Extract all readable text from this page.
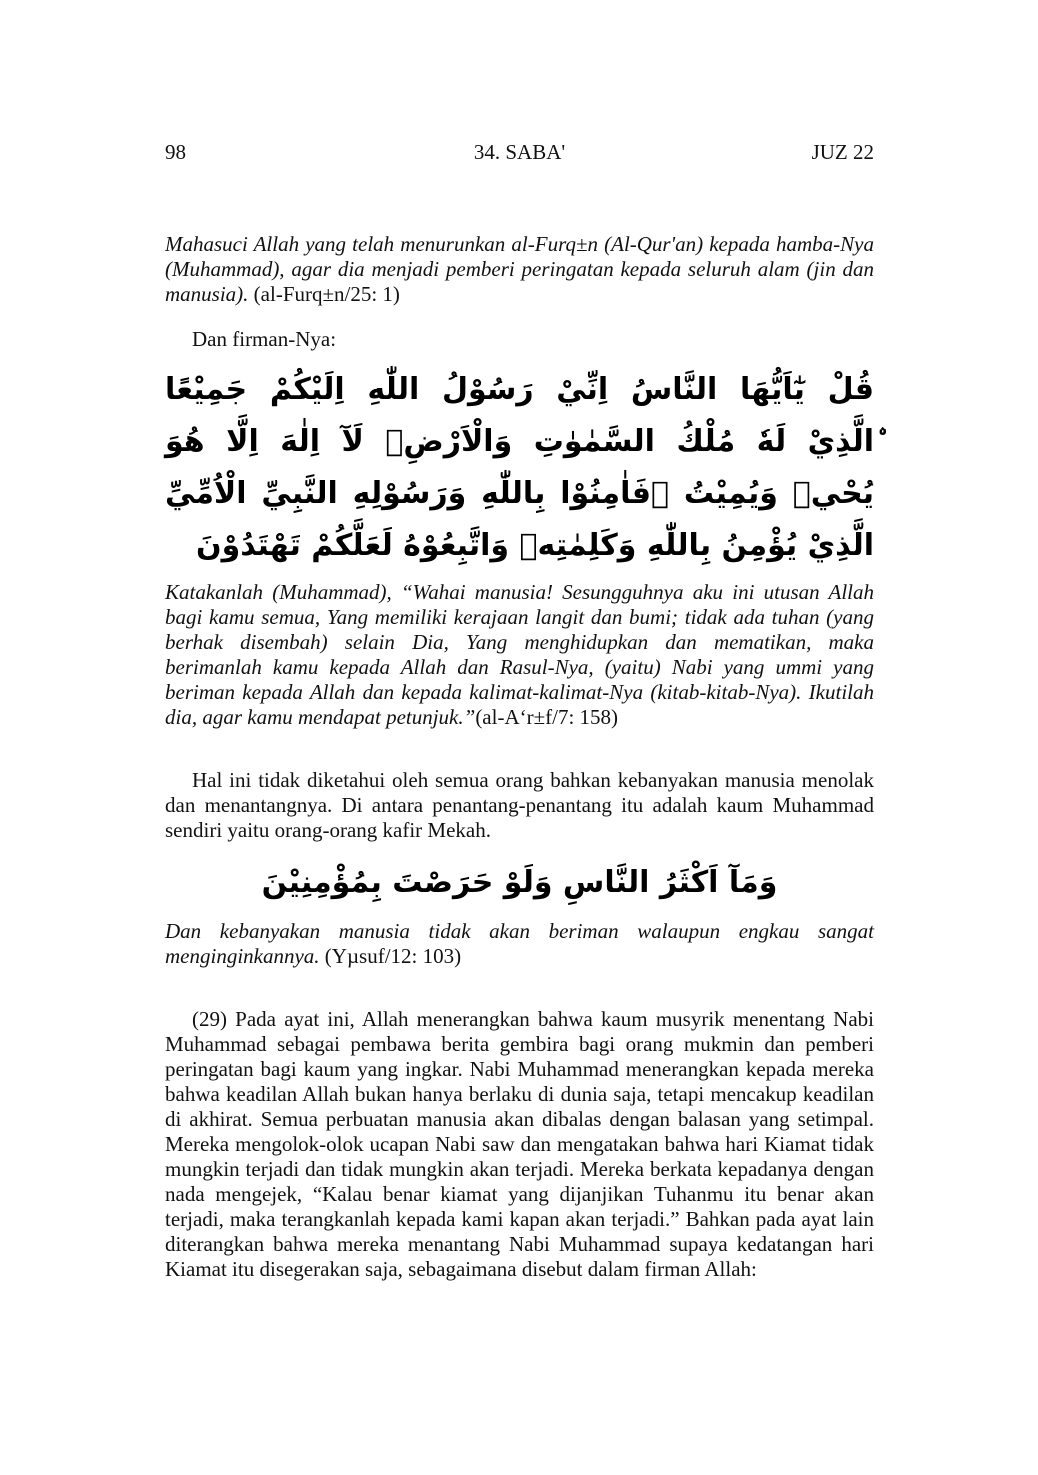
98	34. SABA'	JUZ 22

Mahasuci Allah yang telah menurunkan al-Furq±n (Al-Qur'an) kepada hamba-Nya (Muhammad), agar dia menjadi pemberi peringatan kepada seluruh alam (jin dan manusia). (al-Furq±n/25: 1)

Dan firman-Nya:

قُلْ يٰٓاَيُّهَا النَّاسُ اِنِّيْ رَسُوْلُ اللّٰهِ اِلَيْكُمْ جَمِيْعًا ۨالَّذِيْ لَهٗ مُلْكُ السَّمٰوٰتِ وَالْاَرْضِۚ لَآ اِلٰهَ اِلَّا هُوَ يُحْيٖ وَيُمِيْتُ ۖفَاٰمِنُوْا بِاللّٰهِ وَرَسُوْلِهِ النَّبِيِّ الْاُمِّيِّ الَّذِيْ يُؤْمِنُ بِاللّٰهِ وَكَلِمٰتِهٖ وَاتَّبِعُوْهُ لَعَلَّكُمْ تَهْتَدُوْنَ

Katakanlah (Muhammad), “Wahai manusia! Sesungguhnya aku ini utusan Allah bagi kamu semua, Yang memiliki kerajaan langit dan bumi; tidak ada tuhan (yang berhak disembah) selain Dia, Yang menghidupkan dan mematikan, maka berimanlah kamu kepada Allah dan Rasul-Nya, (yaitu) Nabi yang ummi yang beriman kepada Allah dan kepada kalimat-kalimat-Nya (kitab-kitab-Nya). Ikutilah dia, agar kamu mendapat petunjuk.”(al-A‘r±f/7: 158)

Hal ini tidak diketahui oleh semua orang bahkan kebanyakan manusia menolak dan menantangnya. Di antara penantang-penantang itu adalah kaum Muhammad sendiri yaitu orang-orang kafir Mekah.

وَمَآ اَكْثَرُ النَّاسِ وَلَوْ حَرَصْتَ بِمُؤْمِنِيْنَ

Dan kebanyakan manusia tidak akan beriman walaupun engkau sangat menginginkannya. (Yµsuf/12: 103)

(29) Pada ayat ini, Allah menerangkan bahwa kaum musyrik menentang Nabi Muhammad sebagai pembawa berita gembira bagi orang mukmin dan pemberi peringatan bagi kaum yang ingkar. Nabi Muhammad menerangkan kepada mereka bahwa keadilan Allah bukan hanya berlaku di dunia saja, tetapi mencakup keadilan di akhirat. Semua perbuatan manusia akan dibalas dengan balasan yang setimpal. Mereka mengolok-olok ucapan Nabi saw dan mengatakan bahwa hari Kiamat tidak mungkin terjadi dan tidak mungkin akan terjadi. Mereka berkata kepadanya dengan nada mengejek, “Kalau benar kiamat yang dijanjikan Tuhanmu itu benar akan terjadi, maka terangkanlah kepada kami kapan akan terjadi.” Bahkan pada ayat lain diterangkan bahwa mereka menantang Nabi Muhammad supaya kedatangan hari Kiamat itu disegerakan saja, sebagaimana disebut dalam firman Allah:
